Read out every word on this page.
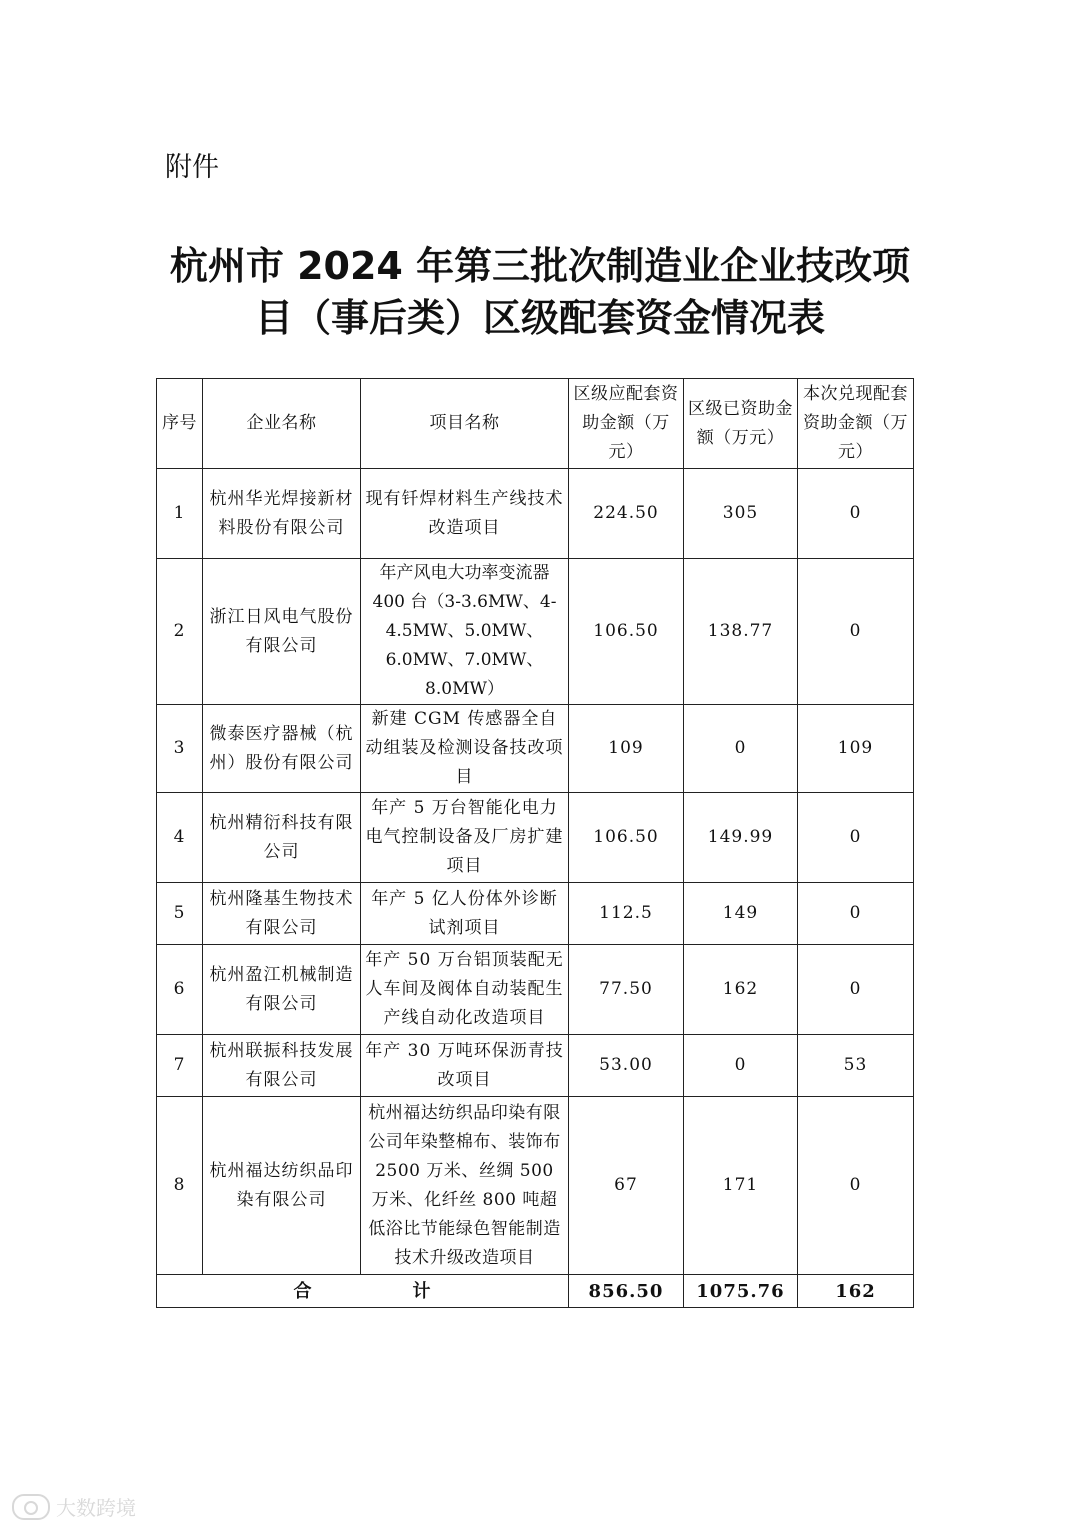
附件
杭州市 2024 年第三批次制造业企业技改项
目（事后类）区级配套资金情况表
序号	企业名称	项目名称	区级应配套资助金额（万元）	区级已资助金额（万元）	本次兑现配套资助金额（万元）
1	杭州华光焊接新材料股份有限公司	现有钎焊材料生产线技术改造项目	224.50	305	0
2	浙江日风电气股份有限公司	年产风电大功率变流器 400 台（3-3.6MW、4-4.5MW、5.0MW、6.0MW、7.0MW、8.0MW）	106.50	138.77	0
3	微泰医疗器械（杭州）股份有限公司	新建 CGM 传感器全自动组装及检测设备技改项目	109	0	109
4	杭州精衍科技有限公司	年产 5 万台智能化电力电气控制设备及厂房扩建项目	106.50	149.99	0
5	杭州隆基生物技术有限公司	年产 5 亿人份体外诊断试剂项目	112.5	149	0
6	杭州盈江机械制造有限公司	年产 50 万台铝顶装配无人车间及阀体自动装配生产线自动化改造项目	77.50	162	0
7	杭州联振科技发展有限公司	年产 30 万吨环保沥青技改项目	53.00	0	53
8	杭州福达纺织品印染有限公司	杭州福达纺织品印染有限公司年染整棉布、装饰布 2500 万米、丝绸 500 万米、化纤丝 800 吨超低浴比节能绿色智能制造技术升级改造项目	67	171	0
合 计			856.50	1075.76	162
大数跨境
